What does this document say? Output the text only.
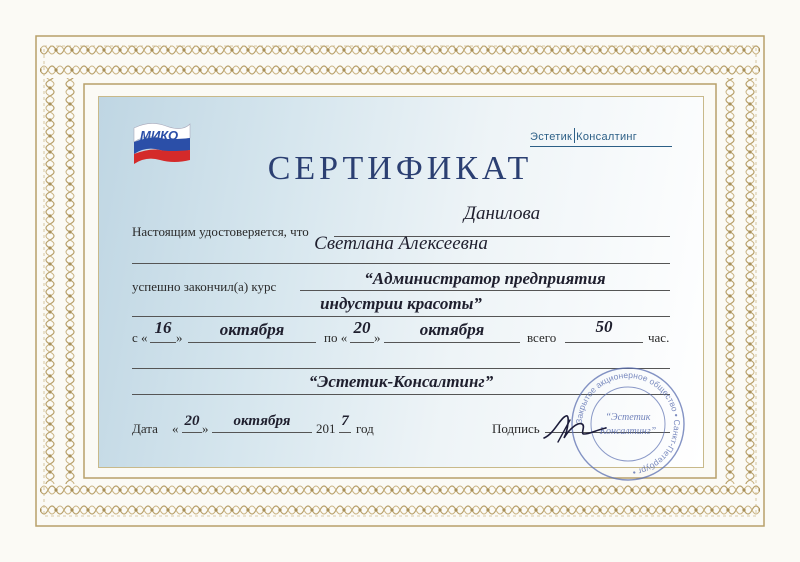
МИКО	Эстетик Консалтинг
СЕРТИФИКАТ
Настоящим удостоверяется, что
Данилова
Светлана Алексеевна
успешно закончил(а) курс	“Администратор предприятия
индустрии красоты”
с «
16
»	октября	по «
20
»	октября	всего
50
час.
“Эстетик-Консалтинг”
Дата « 20 »	октября	201 7 год	Подпись	Закрытое акционерное общество • Санкт-Петербург •
“Эстетик
Консалтинг”
